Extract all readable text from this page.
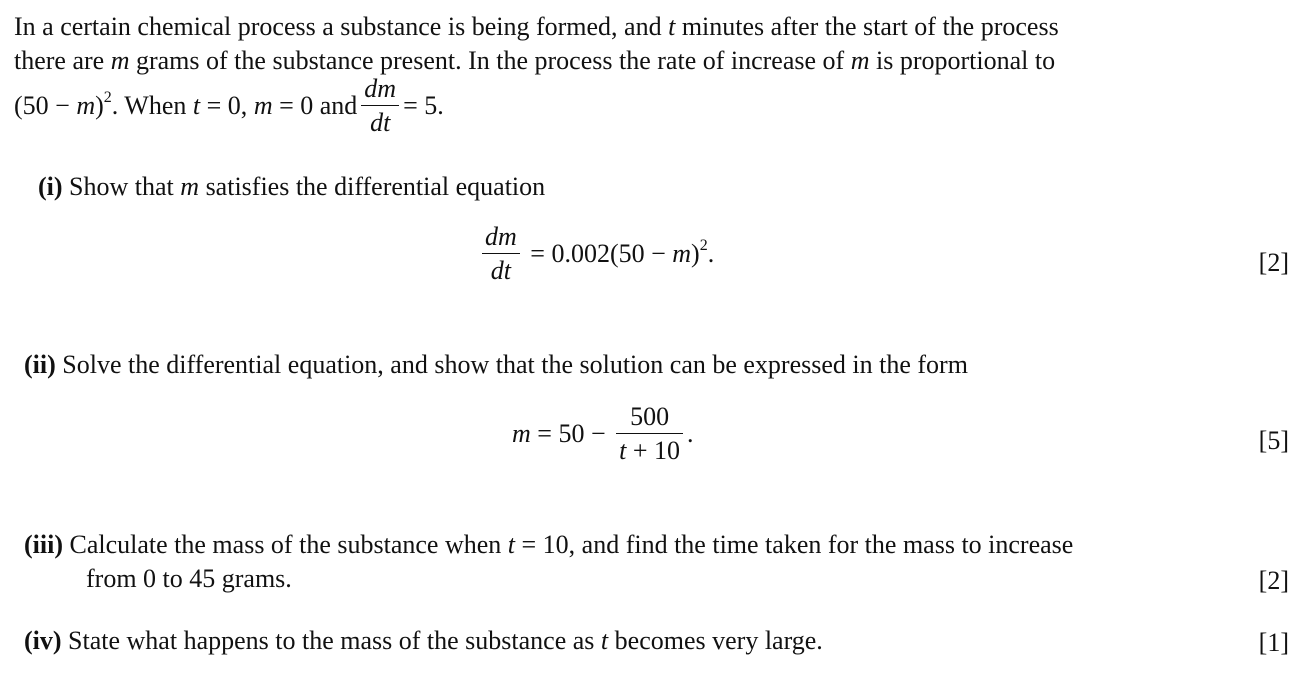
In a certain chemical process a substance is being formed, and t minutes after the start of the process
there are m grams of the substance present. In the process the rate of increase of m is proportional to
$(50 - m)^2$. When t = 0, m = 0 and $\frac{dm}{dt} = 5$.
(i) Show that m satisfies the differential equation
$\frac{dm}{dt} = 0.002(50 - m)^2$.	[2]
(ii) Solve the differential equation, and show that the solution can be expressed in the form
$m = 50 - \frac{500}{t + 10}$ .	[5]
(iii) Calculate the mass of the substance when t = 10, and find the time taken for the mass to increase
from 0 to 45 grams.	[2]
(iv) State what happens to the mass of the substance as t becomes very large.	[1]
